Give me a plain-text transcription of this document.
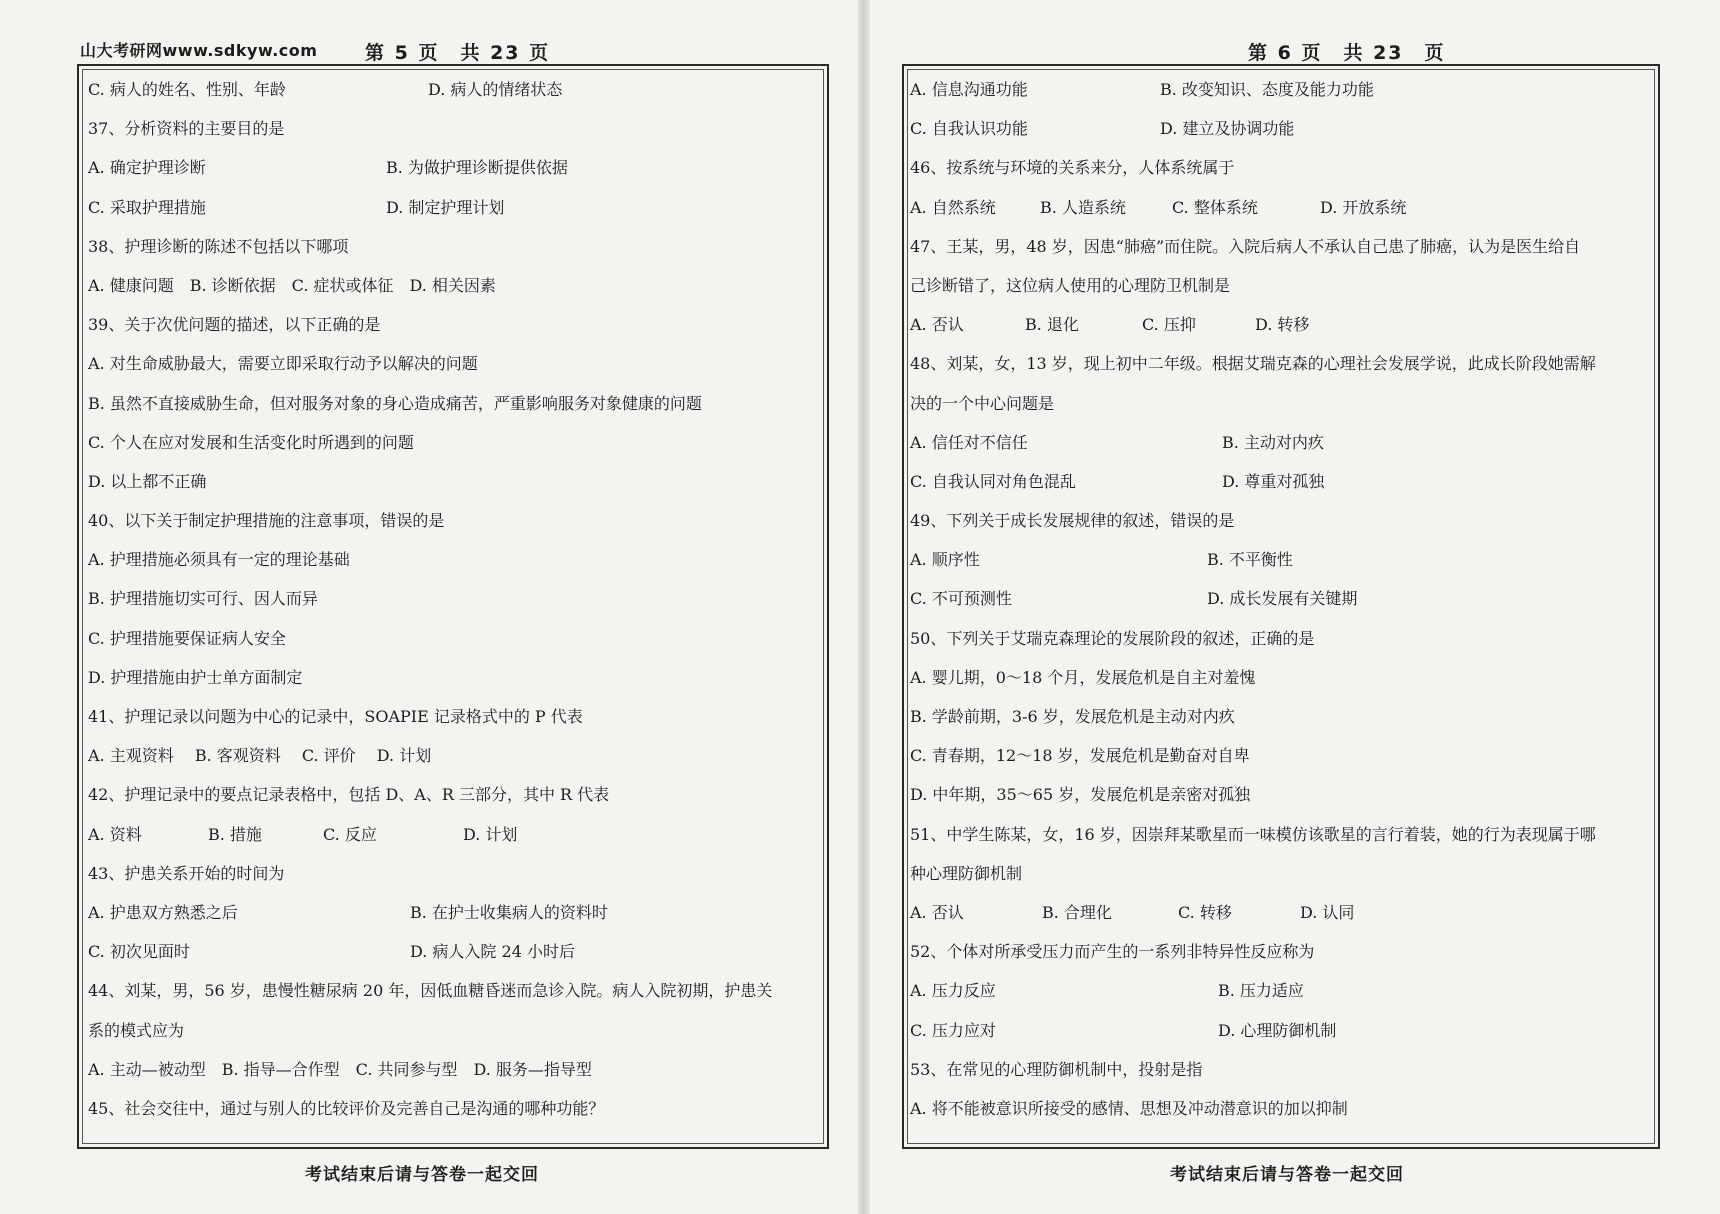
山大考研网www.sdkyw.com	第 5 页　共 23 页	第 6 页　共 23　页
C. 病人的姓名、性别、年龄	D. 病人的情绪状态
37、分析资料的主要目的是
A. 确定护理诊断	B. 为做护理诊断提供依据
C. 采取护理措施	D. 制定护理计划
38、护理诊断的陈述不包括以下哪项
A. 健康问题　B. 诊断依据　C. 症状或体征　D. 相关因素
39、关于次优问题的描述，以下正确的是
A. 对生命威胁最大，需要立即采取行动予以解决的问题
B. 虽然不直接威胁生命，但对服务对象的身心造成痛苦，严重影响服务对象健康的问题
C. 个人在应对发展和生活变化时所遇到的问题
D. 以上都不正确
40、以下关于制定护理措施的注意事项，错误的是
A. 护理措施必须具有一定的理论基础
B. 护理措施切实可行、因人而异
C. 护理措施要保证病人安全
D. 护理措施由护士单方面制定
41、护理记录以问题为中心的记录中，SOAPIE 记录格式中的 P 代表
A. 主观资料　 B. 客观资料　 C. 评价　 D. 计划
42、护理记录中的要点记录表格中，包括 D、A、R 三部分，其中 R 代表
A. 资料	B. 措施	C. 反应	D. 计划
43、护患关系开始的时间为
A. 护患双方熟悉之后	B. 在护士收集病人的资料时
C. 初次见面时	D. 病人入院 24 小时后
44、刘某，男，56 岁，患慢性糖尿病 20 年，因低血糖昏迷而急诊入院。病人入院初期，护患关
系的模式应为
A. 主动—被动型　B. 指导—合作型　C. 共同参与型　D. 服务—指导型
45、社会交往中，通过与别人的比较评价及完善自己是沟通的哪种功能？
A. 信息沟通功能	B. 改变知识、态度及能力功能
C. 自我认识功能	D. 建立及协调功能
46、按系统与环境的关系来分，人体系统属于
A. 自然系统	B. 人造系统	C. 整体系统	D. 开放系统
47、王某，男，48 岁，因患“肺癌”而住院。入院后病人不承认自己患了肺癌，认为是医生给自
己诊断错了，这位病人使用的心理防卫机制是
A. 否认	B. 退化	C. 压抑	D. 转移
48、刘某，女，13 岁，现上初中二年级。根据艾瑞克森的心理社会发展学说，此成长阶段她需解
决的一个中心问题是
A. 信任对不信任	B. 主动对内疚
C. 自我认同对角色混乱	D. 尊重对孤独
49、下列关于成长发展规律的叙述，错误的是
A. 顺序性	B. 不平衡性
C. 不可预测性	D. 成长发展有关键期
50、下列关于艾瑞克森理论的发展阶段的叙述，正确的是
A. 婴儿期，0～18 个月，发展危机是自主对羞愧
B. 学龄前期，3-6 岁，发展危机是主动对内疚
C. 青春期，12～18 岁，发展危机是勤奋对自卑
D. 中年期，35～65 岁，发展危机是亲密对孤独
51、中学生陈某，女，16 岁，因崇拜某歌星而一味模仿该歌星的言行着装，她的行为表现属于哪
种心理防御机制
A. 否认	B. 合理化	C. 转移	D. 认同
52、个体对所承受压力而产生的一系列非特异性反应称为
A. 压力反应	B. 压力适应
C. 压力应对	D. 心理防御机制
53、在常见的心理防御机制中，投射是指
A. 将不能被意识所接受的感情、思想及冲动潜意识的加以抑制
考试结束后请与答卷一起交回	考试结束后请与答卷一起交回
